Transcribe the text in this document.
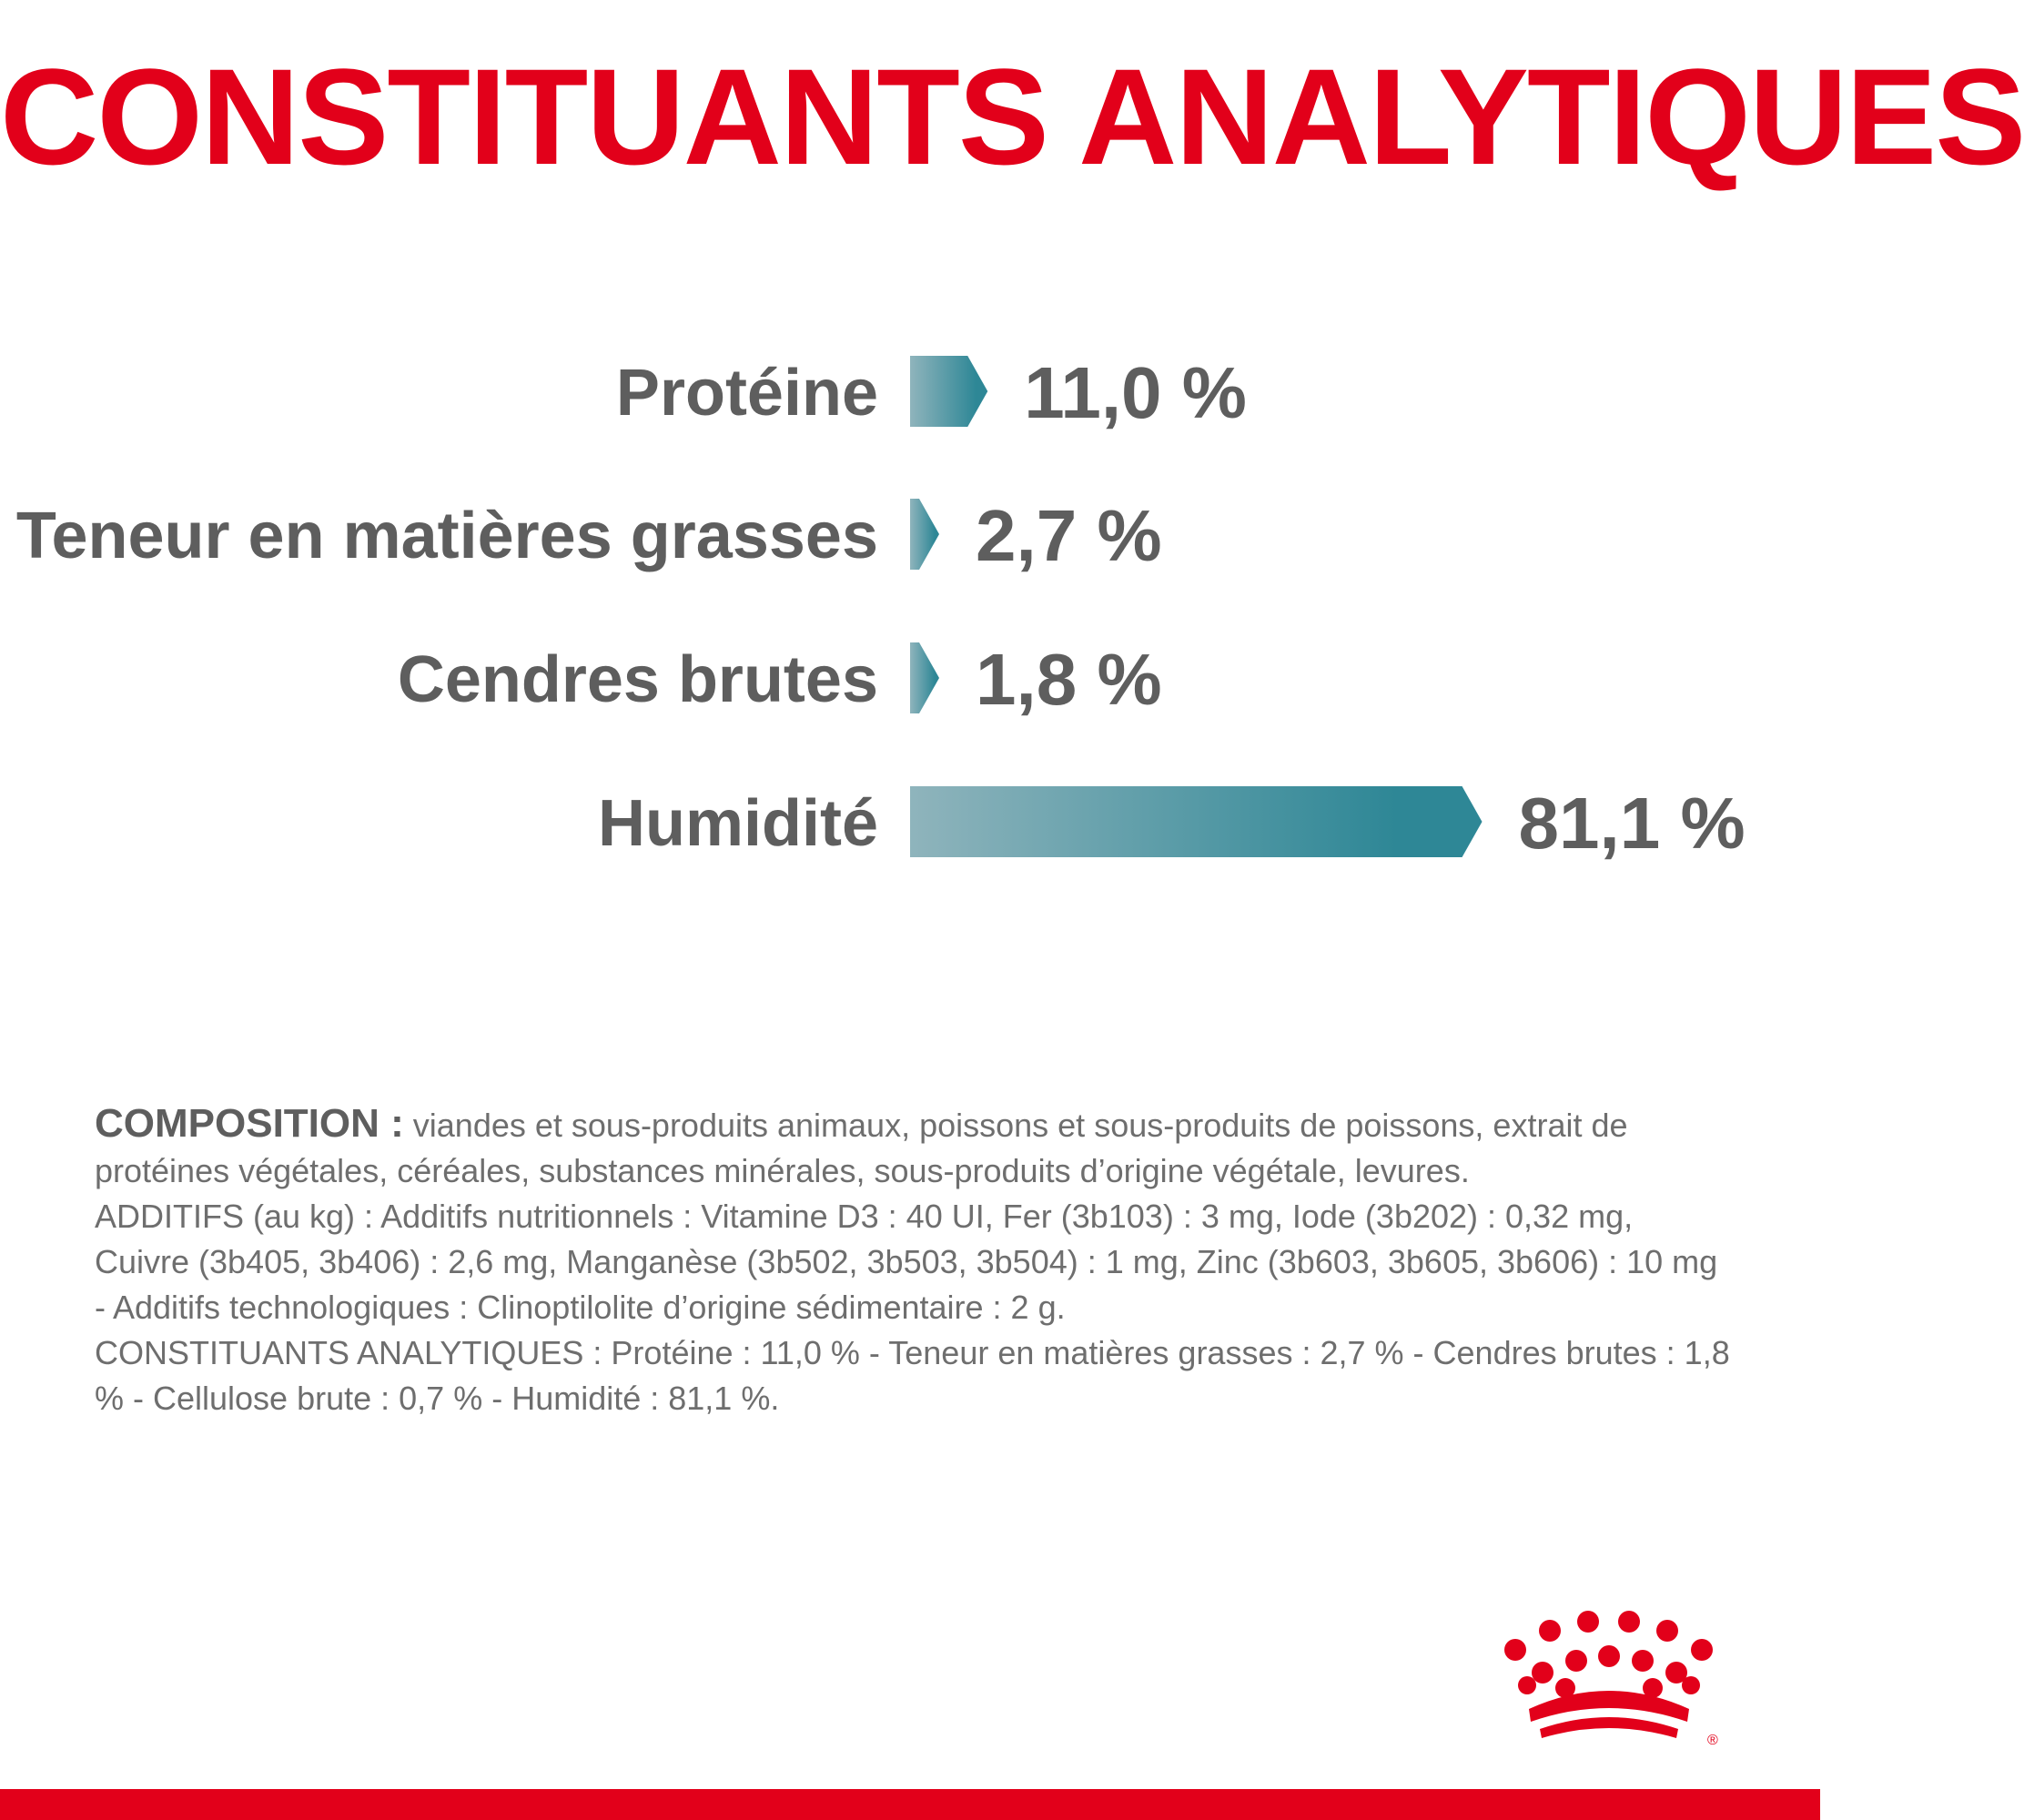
CONSTITUANTS ANALYTIQUES
Protéine 11,0 %
Teneur en matières grasses 2,7 %
Cendres brutes 1,8 %
Humidité	81,1 %

COMPOSITION : viandes et sous-produits animaux, poissons et sous-produits de poissons, extrait de protéines végétales, céréales, substances minérales, sous-produits d’origine végétale, levures.
ADDITIFS (au kg) : Additifs nutritionnels : Vitamine D3 : 40 UI, Fer (3b103) : 3 mg, Iode (3b202) : 0,32 mg, Cuivre (3b405, 3b406) : 2,6 mg, Manganèse (3b502, 3b503, 3b504) : 1 mg, Zinc (3b603, 3b605, 3b606) : 10 mg - Additifs technologiques : Clinoptilolite d’origine sédimentaire : 2 g.
CONSTITUANTS ANALYTIQUES : Protéine : 11,0 % - Teneur en matières grasses : 2,7 % - Cendres brutes : 1,8 % - Cellulose brute : 0,7 % - Humidité : 81,1 %.

®
